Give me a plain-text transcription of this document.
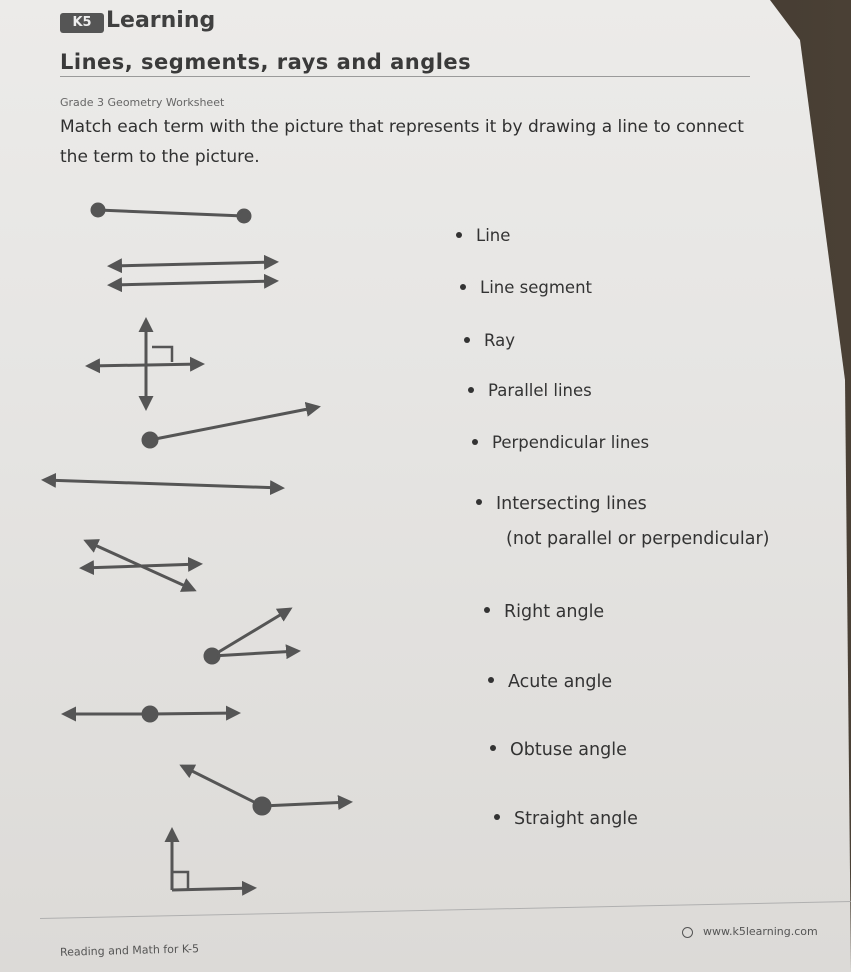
K5 Learning
Lines, segments, rays and angles
Grade 3 Geometry Worksheet
Match each term with the picture that represents it by drawing a line to connect the term to the picture.
Line
Line segment
Ray
Parallel lines
Perpendicular lines
Intersecting lines
(not parallel or perpendicular)
Right angle
Acute angle
Obtuse angle
Straight angle
Reading and Math for K-5
www.k5learning.com
